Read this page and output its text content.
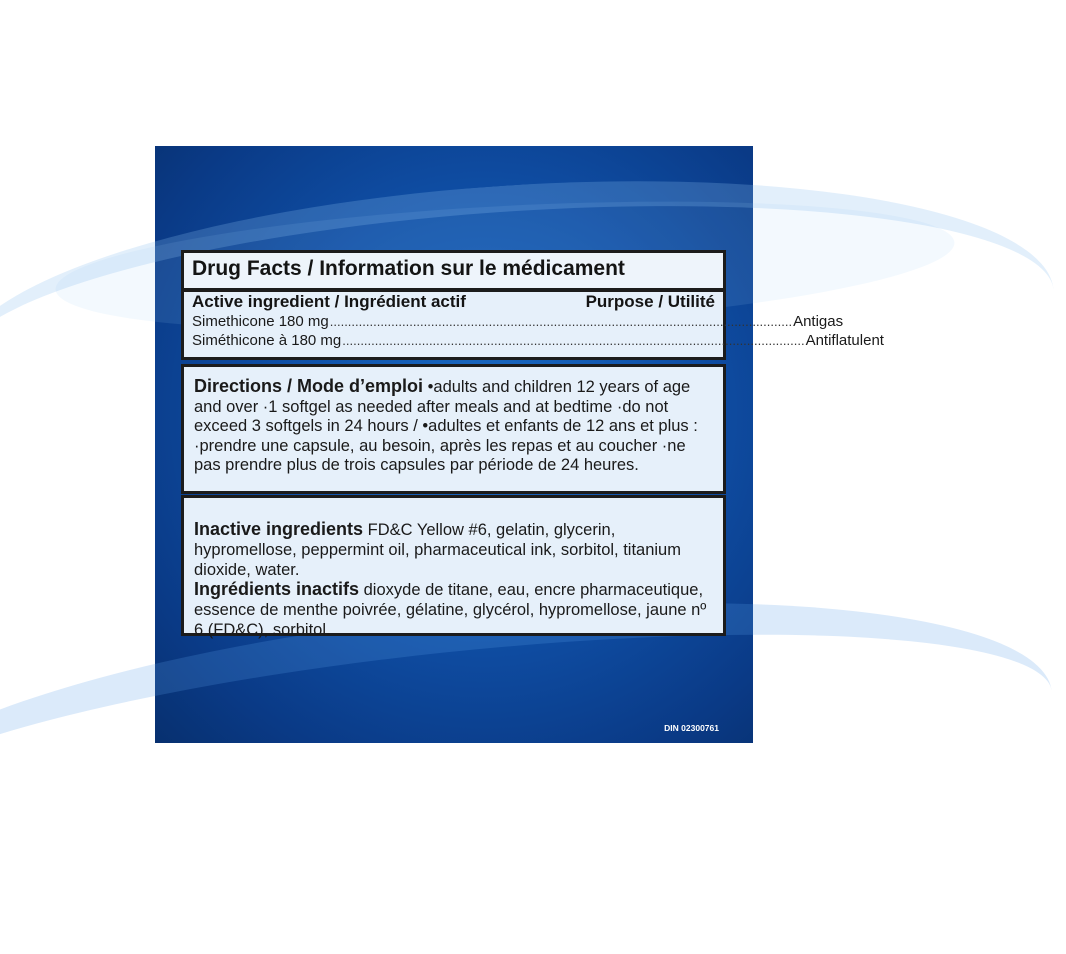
Drug Facts / Information sur le médicament
Active ingredient / Ingrédient actif	Purpose / Utilité
Simethicone 180 mg ................................................................................................................................ Antigas
Siméthicone à 180 mg ................................................................................................................................ Antiflatulent
Directions / Mode d’emploi •adults and children 12 years of age and over ·1 softgel as needed after meals and at bedtime ·do not exceed 3 softgels in 24 hours / •adultes et enfants de 12 ans et plus : ·prendre une capsule, au besoin, après les repas et au coucher ·ne pas prendre plus de trois capsules par période de 24 heures.
Inactive ingredients FD&C Yellow #6, gelatin, glycerin, hypromellose, peppermint oil, pharmaceutical ink, sorbitol, titanium dioxide, water.
Ingrédients inactifs dioxyde de titane, eau, encre pharmaceutique, essence de menthe poivrée, gélatine, glycérol, hypromellose, jaune nº 6 (FD&C), sorbitol.
DIN 02300761
